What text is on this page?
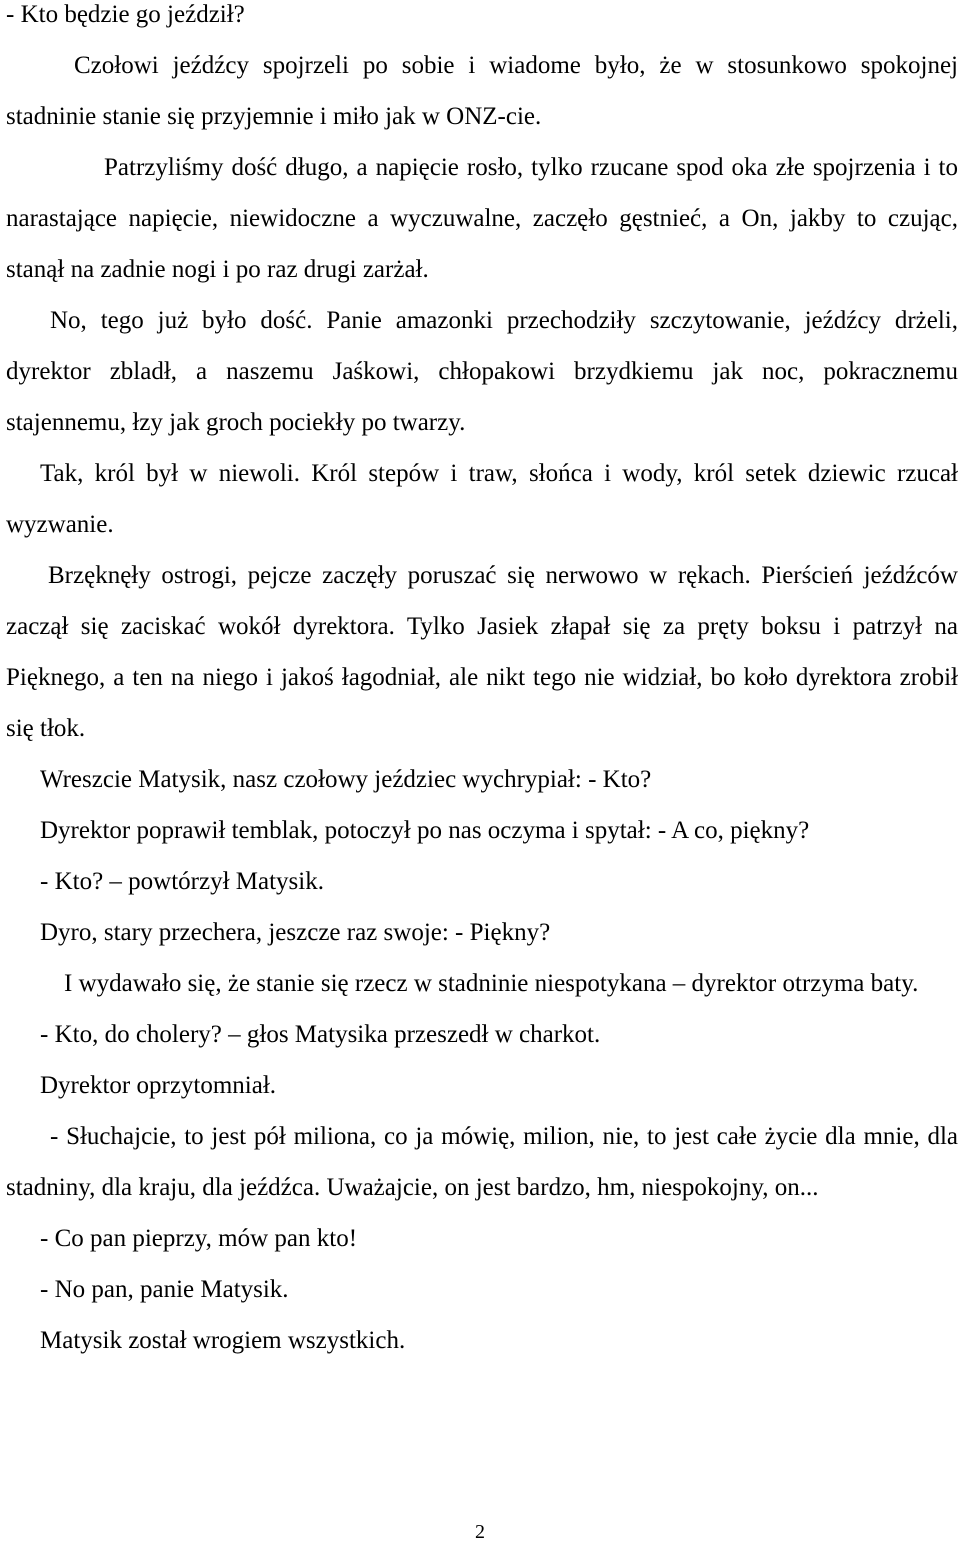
- Kto będzie go jeździł?

Czołowi jeźdźcy spojrzeli po sobie i wiadome było, że w stosunkowo spokojnej stadninie stanie się przyjemnie i miło jak w ONZ-cie.

Patrzyliśmy dość długo, a napięcie rosło, tylko rzucane spod oka złe spojrzenia i to narastające napięcie, niewidoczne a wyczuwalne, zaczęło gęstnieć, a On, jakby to czując, stanął na zadnie nogi i po raz drugi zarżał.

No, tego już było dość. Panie amazonki przechodziły szczytowanie, jeźdźcy drżeli, dyrektor zbladł, a naszemu Jaśkowi, chłopakowi brzydkiemu jak noc, pokracznemu stajennemu, łzy jak groch pociekły po twarzy.

Tak, król był w niewoli. Król stepów i traw, słońca i wody, król setek dziewic rzucał wyzwanie.

Brzęknęły ostrogi, pejcze zaczęły poruszać się nerwowo w rękach. Pierścień jeźdźców zaczął się zaciskać wokół dyrektora. Tylko Jasiek złapał się za pręty boksu i patrzył na Pięknego, a ten na niego i jakoś łagodniał, ale nikt tego nie widział, bo koło dyrektora zrobił się tłok.

Wreszcie Matysik, nasz czołowy jeździec wychrypiał: - Kto?

Dyrektor poprawił temblak, potoczył po nas oczyma i spytał: - A co, piękny?

- Kto? – powtórzył Matysik.

Dyro, stary przechera, jeszcze raz swoje: - Piękny?

I wydawało się, że stanie się rzecz w stadninie niespotykana – dyrektor otrzyma baty.

- Kto, do cholery? – głos Matysika przeszedł w charkot.

Dyrektor oprzytomniał.

- Słuchajcie, to jest pół miliona, co ja mówię, milion, nie, to jest całe życie dla mnie, dla stadniny, dla kraju, dla jeźdźca. Uważajcie, on jest bardzo, hm, niespokojny, on...

- Co pan pieprzy, mów pan kto!

- No pan, panie Matysik.

Matysik został wrogiem wszystkich.

2
